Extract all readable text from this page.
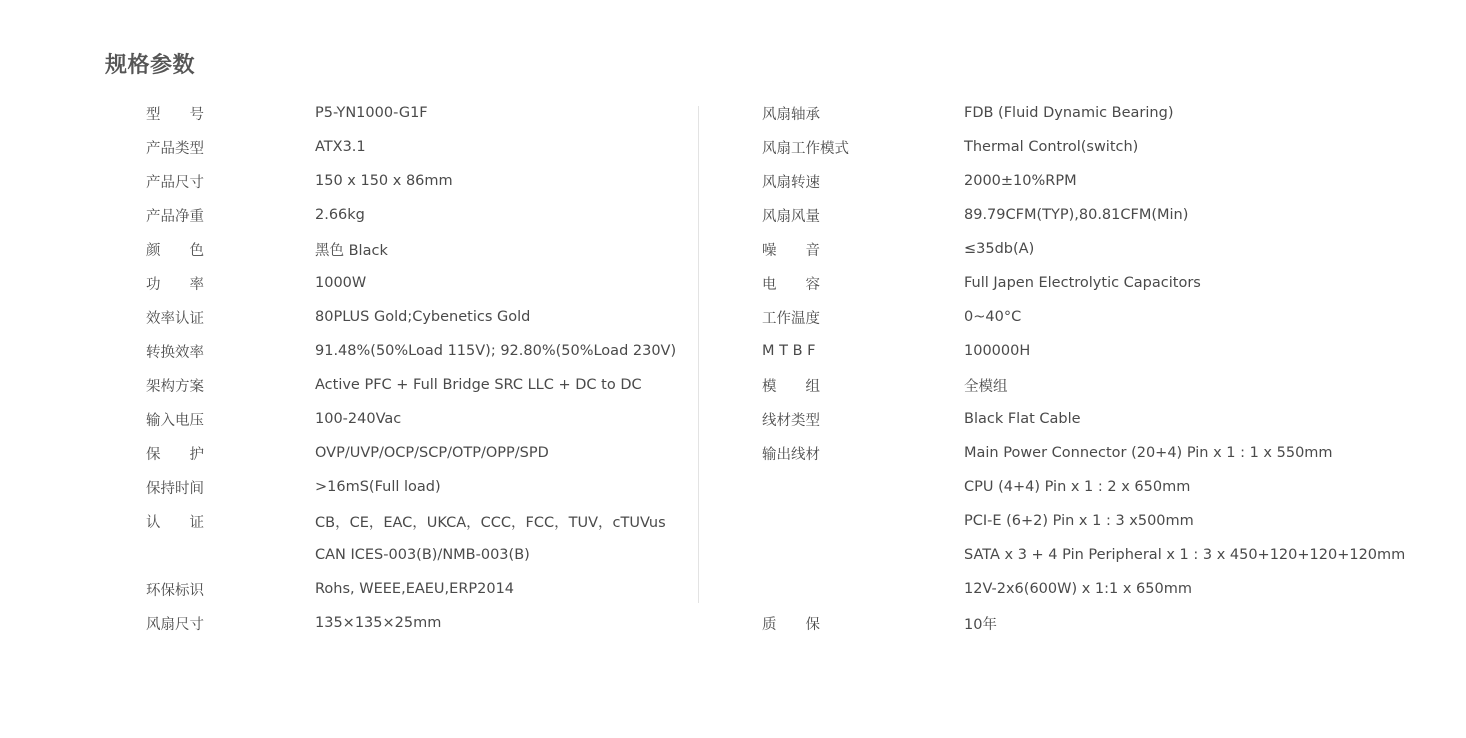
规格参数
型　　号	P5-YN1000-G1F
产品类型	ATX3.1
产品尺寸	150 x 150 x 86mm
产品净重	2.66kg
颜　　色	黑色 Black
功　　率	1000W
效率认证	80PLUS Gold;Cybenetics Gold
转换效率	91.48%(50%Load 115V); 92.80%(50%Load 230V)
架构方案	Active PFC + Full Bridge SRC LLC + DC to DC
输入电压	100-240Vac
保　　护	OVP/UVP/OCP/SCP/OTP/OPP/SPD
保持时间	>16mS(Full load)
认　　证	CB，CE，EAC，UKCA，CCC，FCC，TUV，cTUVus
CAN ICES-003(B)/NMB-003(B)
环保标识	Rohs, WEEE,EAEU,ERP2014
风扇尺寸	135×135×25mm
风扇轴承	FDB (Fluid Dynamic Bearing)
风扇工作模式	Thermal Control(switch)
风扇转速	2000±10%RPM
风扇风量	89.79CFM(TYP),80.81CFM(Min)
噪　　音	≤35db(A)
电　　容	Full Japen Electrolytic Capacitors
工作温度	0~40°C
M T B F	100000H
模　　组	全模组
线材类型	Black Flat Cable
输出线材	Main Power Connector (20+4) Pin x 1 : 1 x 550mm
CPU (4+4) Pin x 1 : 2 x 650mm
PCI-E (6+2) Pin x 1 : 3 x500mm
SATA x 3 + 4 Pin Peripheral x 1 : 3 x 450+120+120+120mm
12V-2x6(600W) x 1:1 x 650mm
质　　保	10年
